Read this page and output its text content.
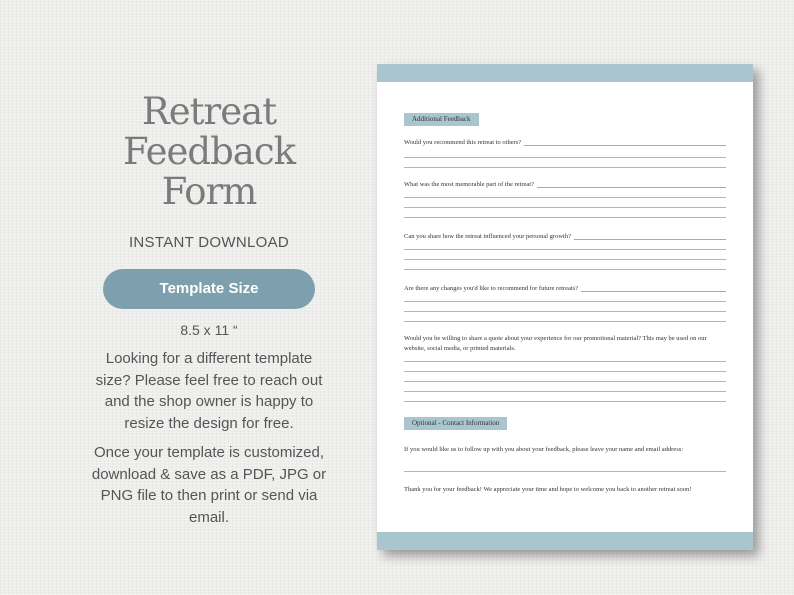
Retreat
Feedback
Form
INSTANT DOWNLOAD
Template Size
8.5 x 11 “
Looking for a different template size? Please feel free to reach out and the shop owner is happy to resize the design for free.
Once your template is customized, download & save as a PDF, JPG or PNG file to then print or send via email.
Additional Feedback
Would you recommend this retreat to others?
What was the most memorable part of the retreat?
Can you share how the retreat influenced your personal growth?
Are there any changes you'd like to recommend for future retreats?
Would you be willing to share a quote about your experience for our promotional material? This may be used on our website, social media, or printed materials.
Optional - Contact Information
If you would like us to follow up with you about your feedback, please leave your name and email address:
Thank you for your feedback! We appreciate your time and hope to welcome you back to another retreat soon!
